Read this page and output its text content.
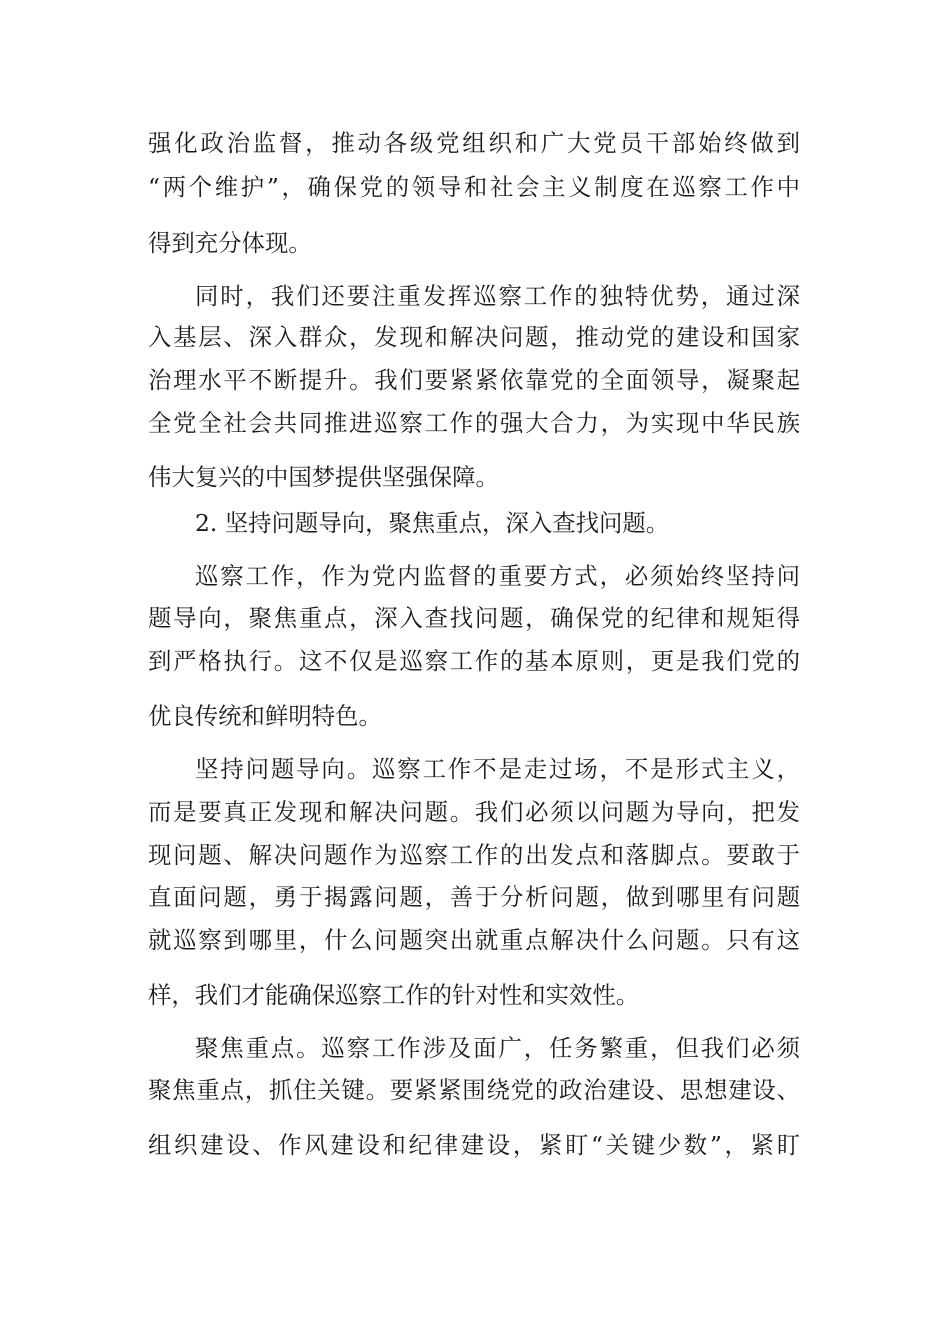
强化政治监督，推动各级党组织和广大党员干部始终做到
“两个维护”，确保党的领导和社会主义制度在巡察工作中
得到充分体现。
同时，我们还要注重发挥巡察工作的独特优势，通过深
入基层、深入群众，发现和解决问题，推动党的建设和国家
治理水平不断提升。我们要紧紧依靠党的全面领导，凝聚起
全党全社会共同推进巡察工作的强大合力，为实现中华民族
伟大复兴的中国梦提供坚强保障。
2. 坚持问题导向，聚焦重点，深入查找问题。
巡察工作，作为党内监督的重要方式，必须始终坚持问
题导向，聚焦重点，深入查找问题，确保党的纪律和规矩得
到严格执行。这不仅是巡察工作的基本原则，更是我们党的
优良传统和鲜明特色。
坚持问题导向。巡察工作不是走过场，不是形式主义，
而是要真正发现和解决问题。我们必须以问题为导向，把发
现问题、解决问题作为巡察工作的出发点和落脚点。要敢于
直面问题，勇于揭露问题，善于分析问题，做到哪里有问题
就巡察到哪里，什么问题突出就重点解决什么问题。只有这
样，我们才能确保巡察工作的针对性和实效性。
聚焦重点。巡察工作涉及面广，任务繁重，但我们必须
聚焦重点，抓住关键。要紧紧围绕党的政治建设、思想建设、
组织建设、作风建设和纪律建设，紧盯“关键少数”，紧盯
